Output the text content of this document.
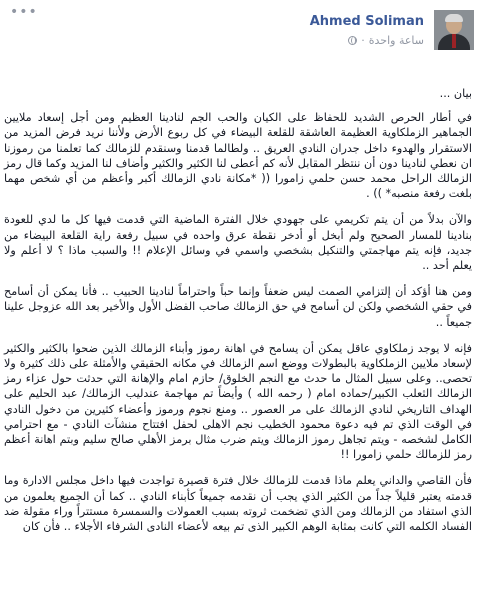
•••
Ahmed Soliman
ساعة واحدة
·

بيان ...

في أطار الحرص الشديد للحفاظ على الكيان والحب الجم لنادينا العظيم ومن أجل إسعاد ملايين الجماهير الزملكاوية العظيمة العاشقة للقلعة البيضاء في كل ربوع الأرض ولأننا نريد فرض المزيد من الاستقرار والهدوء داخل جدران النادي العريق .. ولطالما قدمنا وسنقدم للزمالك كما تعلمنا من رموزنا ان نعطي لنادينا دون أن ننتظر المقابل لأنه كم أعطى لنا الكثير والكثير وأضاف لنا المزيد وكما قال رمز الزمالك الراحل محمد حسن حلمي زامورا (( *مكانة نادي الزمالك أكبر وأعظم من أي شخص مهما بلغت رفعة منصبه* )) .

والآن بدلاً من أن يتم تكريمي على جهودي خلال الفترة الماضية التي قدمت فيها كل ما لدي للعودة بنادينا للمسار الصحيح ولم أبخل أو أدخر نقطة عرق واحده في سبيل رفعة راية القلعة البيضاء من جديد، فإنه يتم مهاجمتي والتنكيل بشخصي واسمي في وسائل الإعلام !! والسبب ماذا ؟ لا أعلم ولا يعلم أحد ..

ومن هنا أؤكد أن إلتزامي الصمت ليس ضعفاً وإنما حباً واحتراماً لنادينا الحبيب .. فأنا يمكن أن أسامح في حقي الشخصي ولكن لن أسامح في حق الزمالك صاحب الفضل الأول والأخير بعد الله عزوجل علينا جميعاً ..

فإنه لا يوجد زملكاوي عاقل يمكن أن يسامح في اهانة رموز وأبناء الزمالك الذين ضحوا بالكثير والكثير لإسعاد ملايين الزملكاوية بالبطولات ووضع اسم الزمالك في مكانه الحقيقي والأمثلة على ذلك كثيرة ولا تحصى.. وعلى سبيل المثال ما حدث مع النجم الخلوق/ حازم امام والإهانة التي حدثت حول عزاء رمز الزمالك الثعلب الكبير/حماده امام ( رحمه الله ) وأيضاً تم مهاجمة عندليب الزمالك/ عبد الحليم على الهداف التاريخي لنادي الزمالك على مر العصور .. ومنع نجوم ورموز وأعضاء كثيرين من دخول النادي في الوقت الذي تم فيه دعوة محمود الخطيب نجم الاهلى لحفل افتتاح منشآت النادي - مع احترامي الكامل لشخصه - ويتم تجاهل رموز الزمالك ويتم ضرب مثال برمز الأهلي صالح سليم وبتم اهانة أعظم رمز للزمالك حلمي زامورا !!

فأن القاصي والداني يعلم ماذا قدمت للزمالك خلال فترة قصيرة تواجدت فيها داخل مجلس الادارة وما قدمته يعتبر قليلاً جداً من الكثير الذي يجب أن نقدمه جميعاً كأبناء النادي .. كما أن الجميع يعلمون من الذي استفاد من الزمالك ومن الذي تضخمت ثروته بسبب العمولات والسمسرة مستتراً وراء مقولة ضد الفساد الكلمه التي كانت بمثابة الوهم الكبير الذى تم بيعه لأعضاء النادى الشرفاء الأجلاء .. فأن كان
